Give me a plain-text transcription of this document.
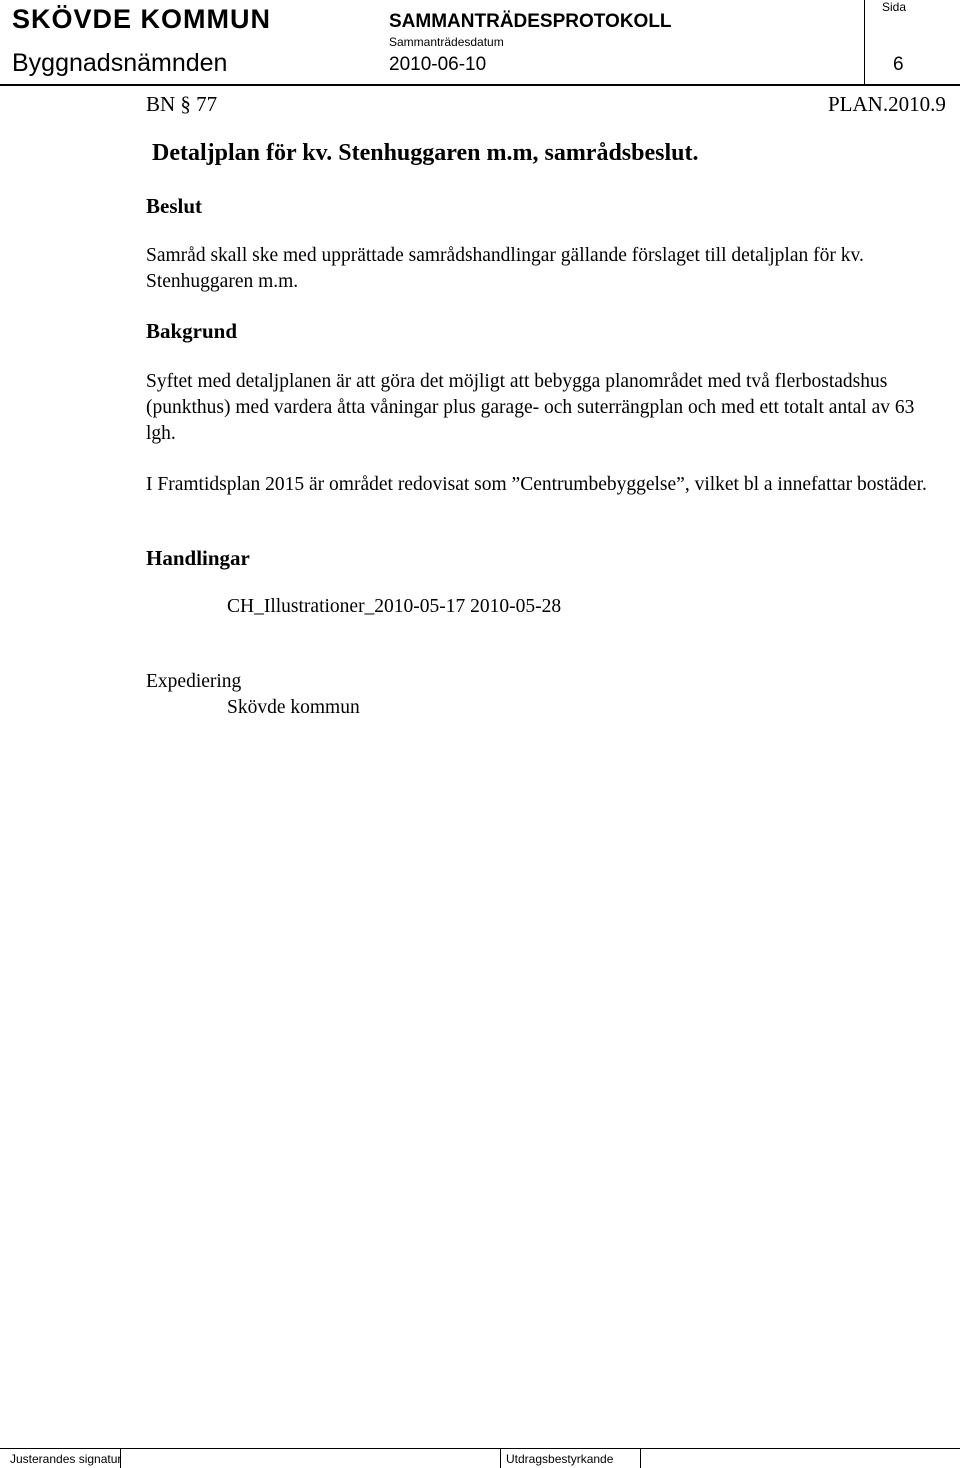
SKÖVDE KOMMUN	SAMMANTRÄDESPROTOKOLL
Sida
Sammanträdesdatum
Byggnadsnämnden	2010-06-10	6
BN § 77	PLAN.2010.9
Detaljplan för kv. Stenhuggaren m.m, samrådsbeslut.
Beslut
Samråd skall ske med upprättade samrådshandlingar gällande förslaget till detaljplan för kv. Stenhuggaren m.m.
Bakgrund
Syftet med detaljplanen är att göra det möjligt att bebygga planområdet med två flerbostadshus (punkthus) med vardera åtta våningar plus garage- och suterrängplan och med ett totalt antal av 63 lgh.
I Framtidsplan 2015 är området redovisat som ”Centrumbebyggelse”, vilket bl a innefattar bostäder.
Handlingar
CH_Illustrationer_2010-05-17 2010-05-28
Expediering
Skövde kommun
Justerandes signatur	Utdragsbestyrkande
